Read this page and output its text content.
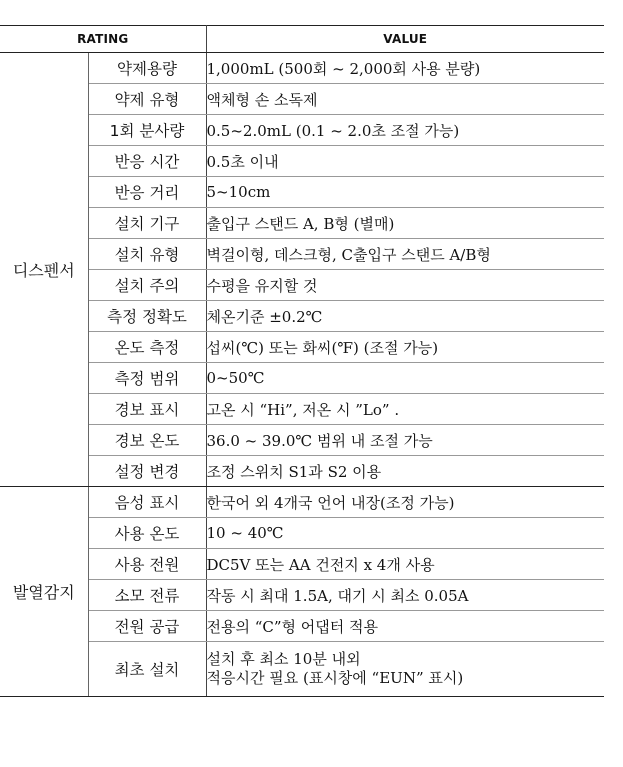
RATING		VALUE
디스펜서	약제용량	1,000mL (500회 ~ 2,000회 사용 분량)
	약제 유형	액체형 손 소독제
	1회 분사량	0.5~2.0mL (0.1 ~ 2.0초 조절 가능)
	반응 시간	0.5초 이내
	반응 거리	5~10cm
	설치 기구	출입구 스탠드 A, B형 (별매)
	설치 유형	벽걸이형, 데스크형, C출입구 스탠드 A/B형
	설치 주의	수평을 유지할 것
	측정 정확도	체온기준 ±0.2℃
	온도 측정	섭씨(℃) 또는 화씨(℉) (조절 가능)
	측정 범위	0~50℃
	경보 표시	고온 시 “Hi”, 저온 시 ”Lo” .
	경보 온도	36.0 ~ 39.0℃ 범위 내 조절 가능
	설정 변경	조정 스위치 S1과 S2 이용
발열감지	음성 표시	한국어 외 4개국 언어 내장(조정 가능)
	사용 온도	10 ~ 40℃
	사용 전원	DC5V 또는 AA 건전지 x 4개 사용
	소모 전류	작동 시 최대 1.5A, 대기 시 최소 0.05A
	전원 공급	전용의 “C”형 어댑터 적용
	최초 설치	설치 후 최소 10분 내외
적응시간 필요 (표시창에 “EUN” 표시)
